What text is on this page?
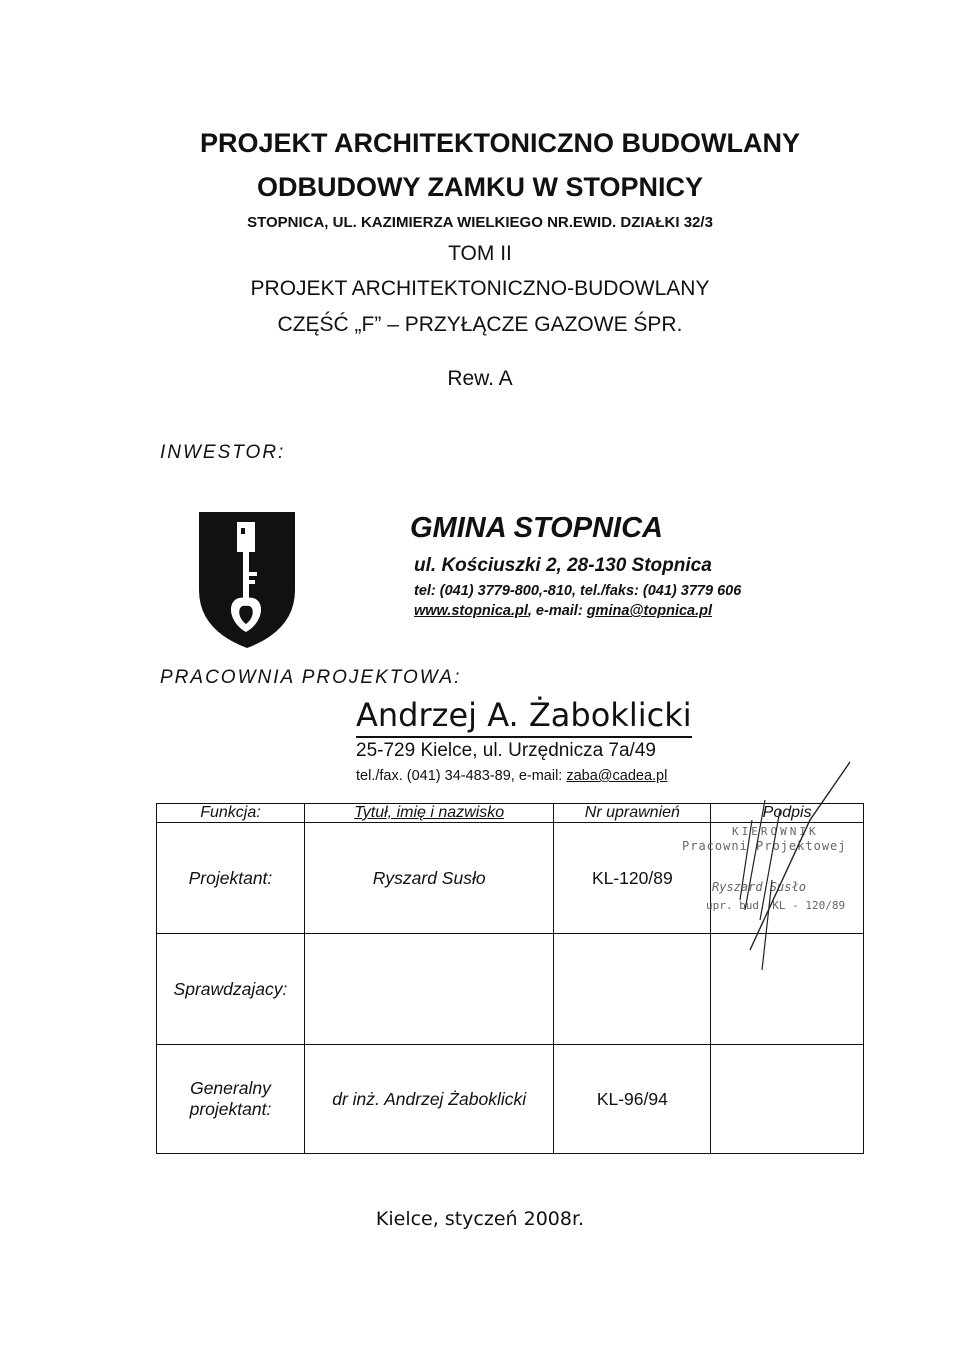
PROJEKT ARCHITEKTONICZNO BUDOWLANY
ODBUDOWY ZAMKU W STOPNICY
STOPNICA, UL. KAZIMIERZA WIELKIEGO NR.EWID. DZIAŁKI 32/3
TOM II
PROJEKT ARCHITEKTONICZNO-BUDOWLANY
CZĘŚĆ „F” – PRZYŁĄCZE GAZOWE ŚPR.
Rew. A
INWESTOR:
GMINA STOPNICA
ul. Kościuszki 2, 28-130 Stopnica
tel: (041) 3779-800,-810, tel./faks: (041) 3779 606
www.stopnica.pl, e-mail: gmina@topnica.pl
PRACOWNIA PROJEKTOWA:
Andrzej A. Żaboklicki
25-729 Kielce, ul. Urzędnicza 7a/49
tel./fax. (041) 34-483-89, e-mail: zaba@cadea.pl
Funkcja:	Tytuł, imię i nazwisko	Nr uprawnień	Podpis
Projektant:	Ryszard Susło	KL-120/89	
Sprawdzajacy:			
Generalny projektant:	dr inż. Andrzej Żaboklicki	KL-96/94	
KIEROWNIK
Pracowni Projektowej
Ryszard Susło
upr. bud. KL - 120/89
Kielce, styczeń 2008r.
